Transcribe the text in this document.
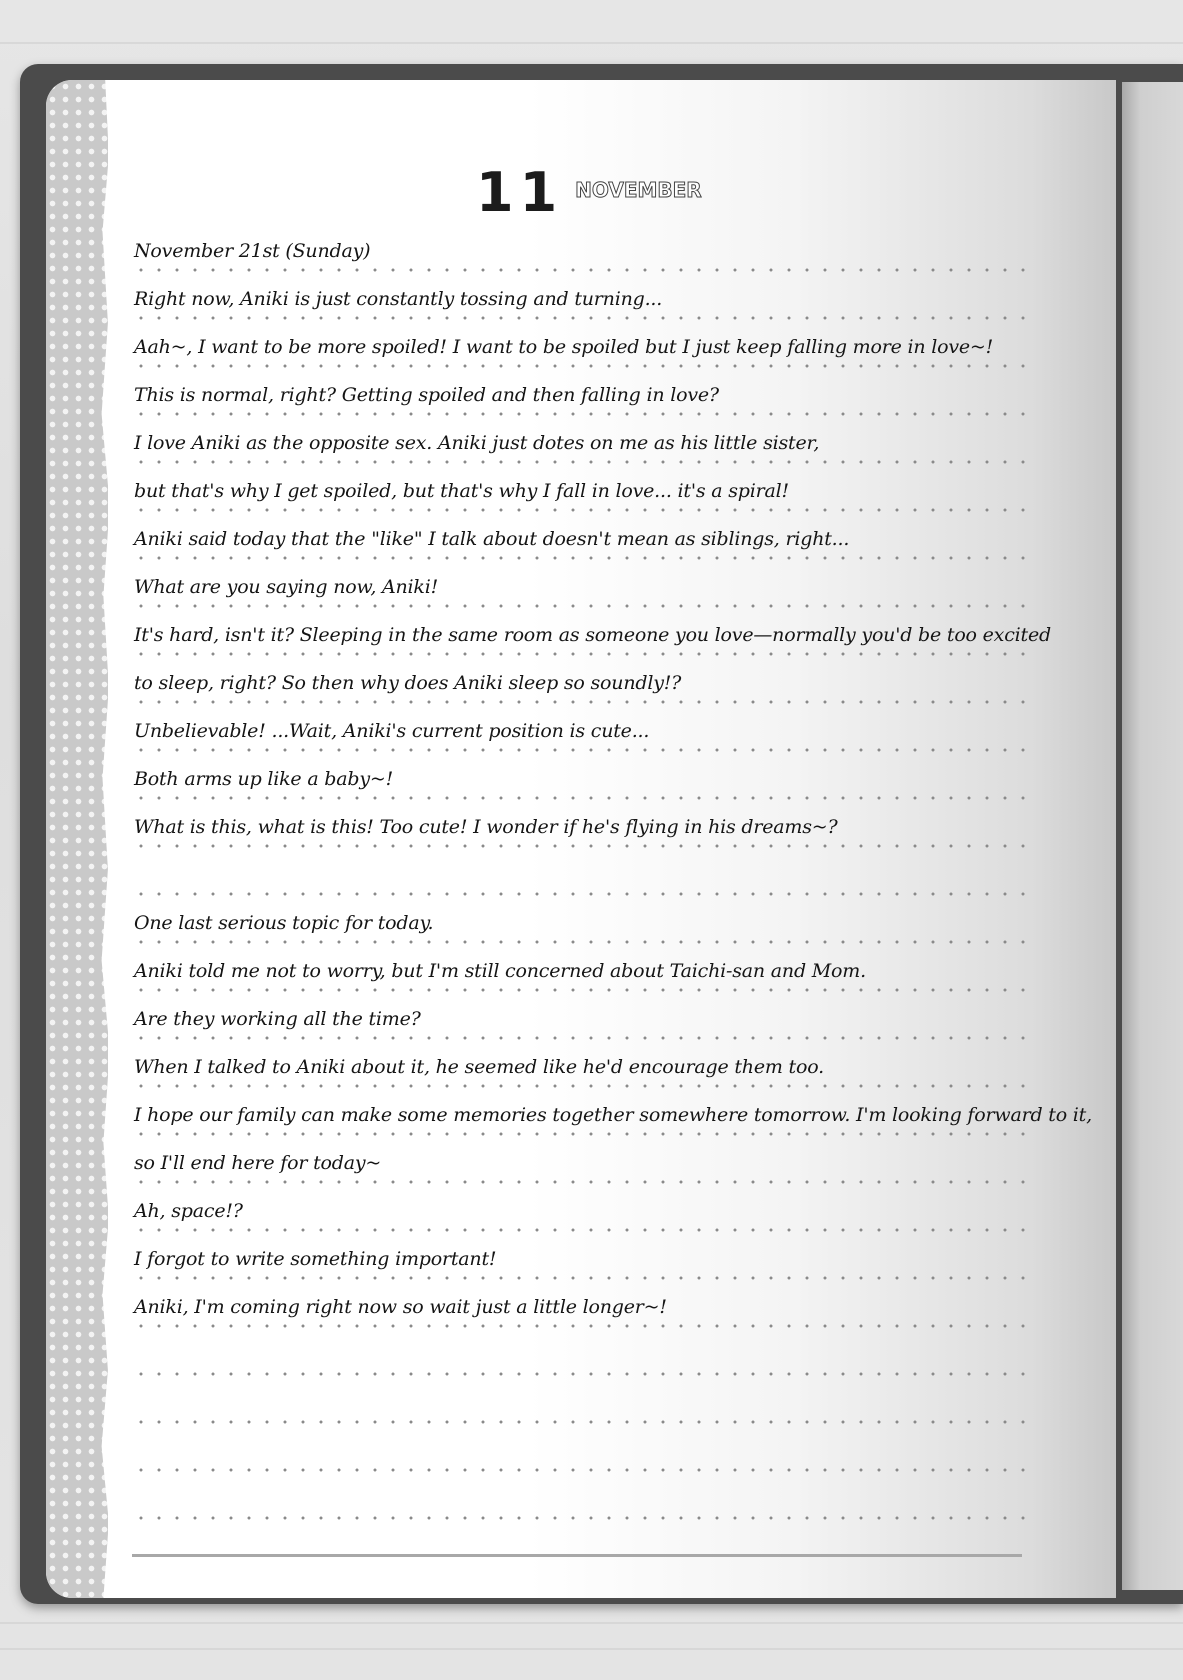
11 NOVEMBER
November 21st (Sunday)
Right now, Aniki is just constantly tossing and turning...
Aah~, I want to be more spoiled! I want to be spoiled but I just keep falling more in love~!
This is normal, right? Getting spoiled and then falling in love?
I love Aniki as the opposite sex. Aniki just dotes on me as his little sister,
but that's why I get spoiled, but that's why I fall in love... it's a spiral!
Aniki said today that the "like" I talk about doesn't mean as siblings, right...
What are you saying now, Aniki!
It's hard, isn't it? Sleeping in the same room as someone you love—normally you'd be too excited
to sleep, right? So then why does Aniki sleep so soundly!?
Unbelievable! ...Wait, Aniki's current position is cute...
Both arms up like a baby~!
What is this, what is this! Too cute! I wonder if he's flying in his dreams~?
One last serious topic for today.
Aniki told me not to worry, but I'm still concerned about Taichi-san and Mom.
Are they working all the time?
When I talked to Aniki about it, he seemed like he'd encourage them too.
I hope our family can make some memories together somewhere tomorrow. I'm looking forward to it,
so I'll end here for today~
Ah, space!?
I forgot to write something important!
Aniki, I'm coming right now so wait just a little longer~!
